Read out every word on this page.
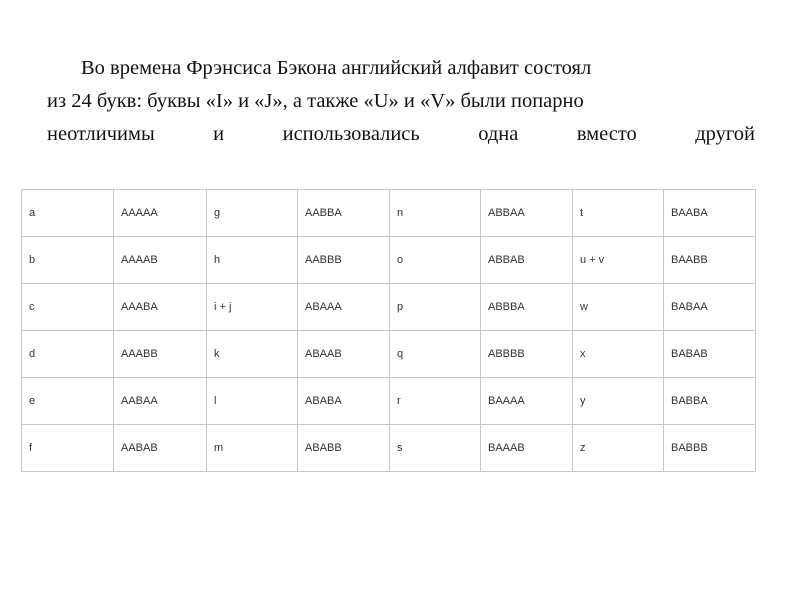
Во времена Фрэнсиса Бэкона английский алфавит состоял
из 24 букв: буквы «I» и «J», а также «U» и «V» были попарно
неотличимы	и	использовались	одна	вместо	другой
a	AAAAA	g	AABBA	n	ABBAA	t	BAABA
b	AAAAB	h	AABBB	o	ABBAB	u + v	BAABB
c	AAABA	i + j	ABAAA	p	ABBBA	w	BABAA
d	AAABB	k	ABAAB	q	ABBBB	x	BABAB
e	AABAA	l	ABABA	r	BAAAA	y	BABBA
f	AABAB	m	ABABB	s	BAAAB	z	BABBB
